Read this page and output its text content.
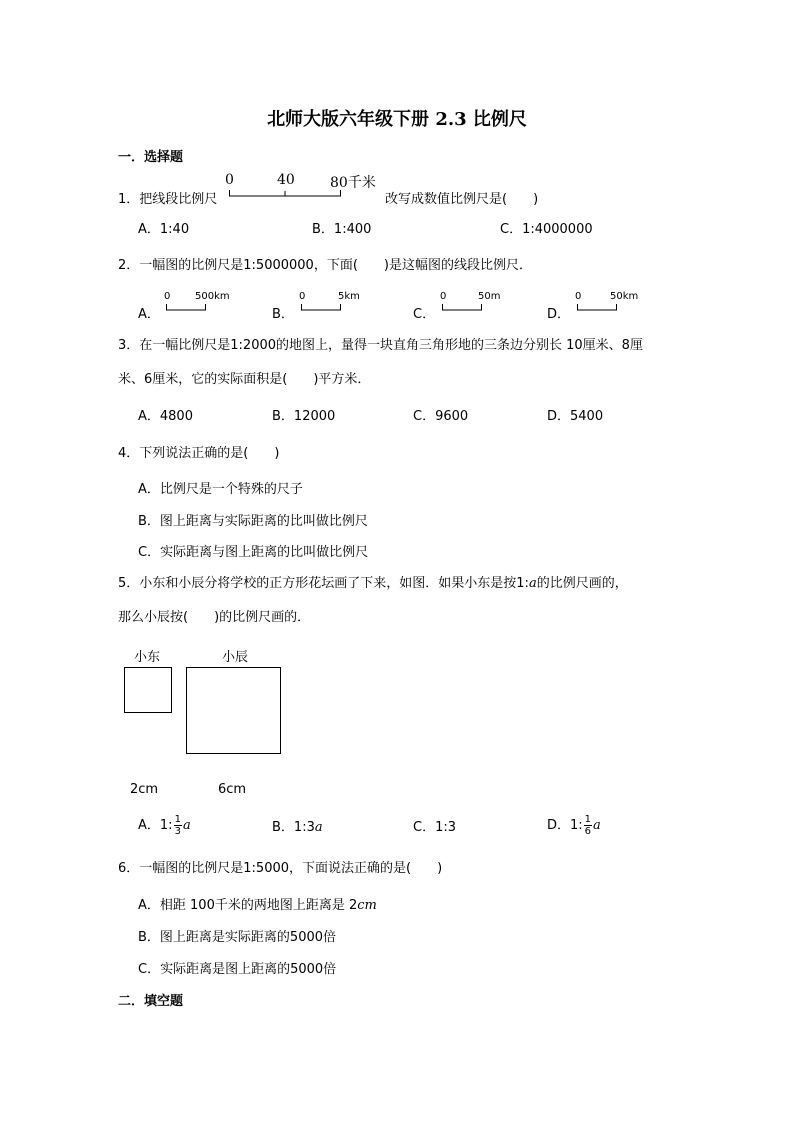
北师大版六年级下册 2.3 比例尺
一．选择题
1．把线段比例尺
0	40	80千米
改写成数值比例尺是(　　)
A．1:40	B．1:400	C．1:4000000
2．一幅图的比例尺是1:5000000，下面(　　)是这幅图的线段比例尺．
A．
0 500km
B．
0	5km
C．
0	50m
D．
0	50km
3．在一幅比例尺是1:2000的地图上，量得一块直角三角形地的三条边分别长 10厘米、8厘
米、6厘米，它的实际面积是(　　)平方米．
A．4800	B．12000	C．9600	D．5400
4．下列说法正确的是(　　)
A．比例尺是一个特殊的尺子
B．图上距离与实际距离的比叫做比例尺
C．实际距离与图上距离的比叫做比例尺
5．小东和小辰分将学校的正方形花坛画了下来，如图．如果小东是按1:a的比例尺画的，
那么小辰按(　　)的比例尺画的．
小东	小辰
2cm	6cm
A．1: $\frac{1}{3}$ a	B．1:3a	C．1:3	D．1: $\frac{1}{6}$ a
6．一幅图的比例尺是1:5000，下面说法正确的是(　　)
A．相距 100千米的两地图上距离是 2cm
B．图上距离是实际距离的5000倍
C．实际距离是图上距离的5000倍
二．填空题
